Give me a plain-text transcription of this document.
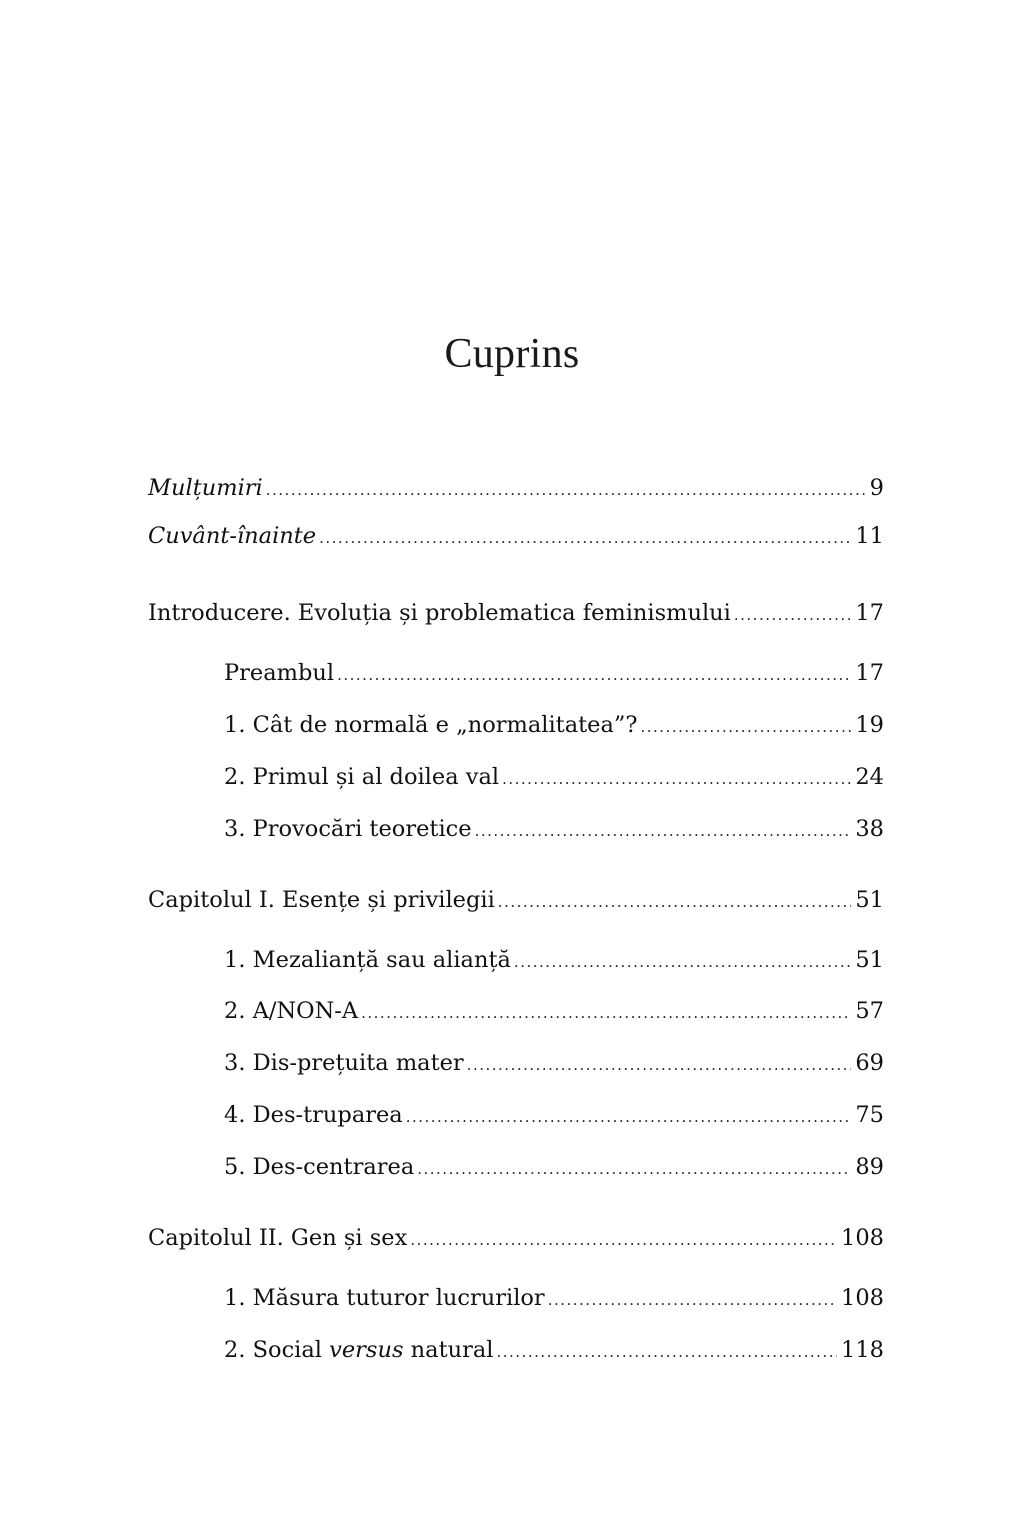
Cuprins
Mulțumiri .....	9
Cuvânt-înainte .....	11
Introducere. Evoluția și problematica feminismului .....	17
Preambul .....	17
1. Cât de normală e „normalitatea”? .....	19
2. Primul și al doilea val .....	24
3. Provocări teoretice .....	38
Capitolul I. Esențe și privilegii .....	51
1. Mezalianță sau alianță .....	51
2. A/NON-A .....	57
3. Dis-prețuita mater .....	69
4. Des-truparea .....	75
5. Des-centrarea .....	89
Capitolul II. Gen și sex .....	108
1. Măsura tuturor lucrurilor .....	108
2. Social versus natural .....	118
